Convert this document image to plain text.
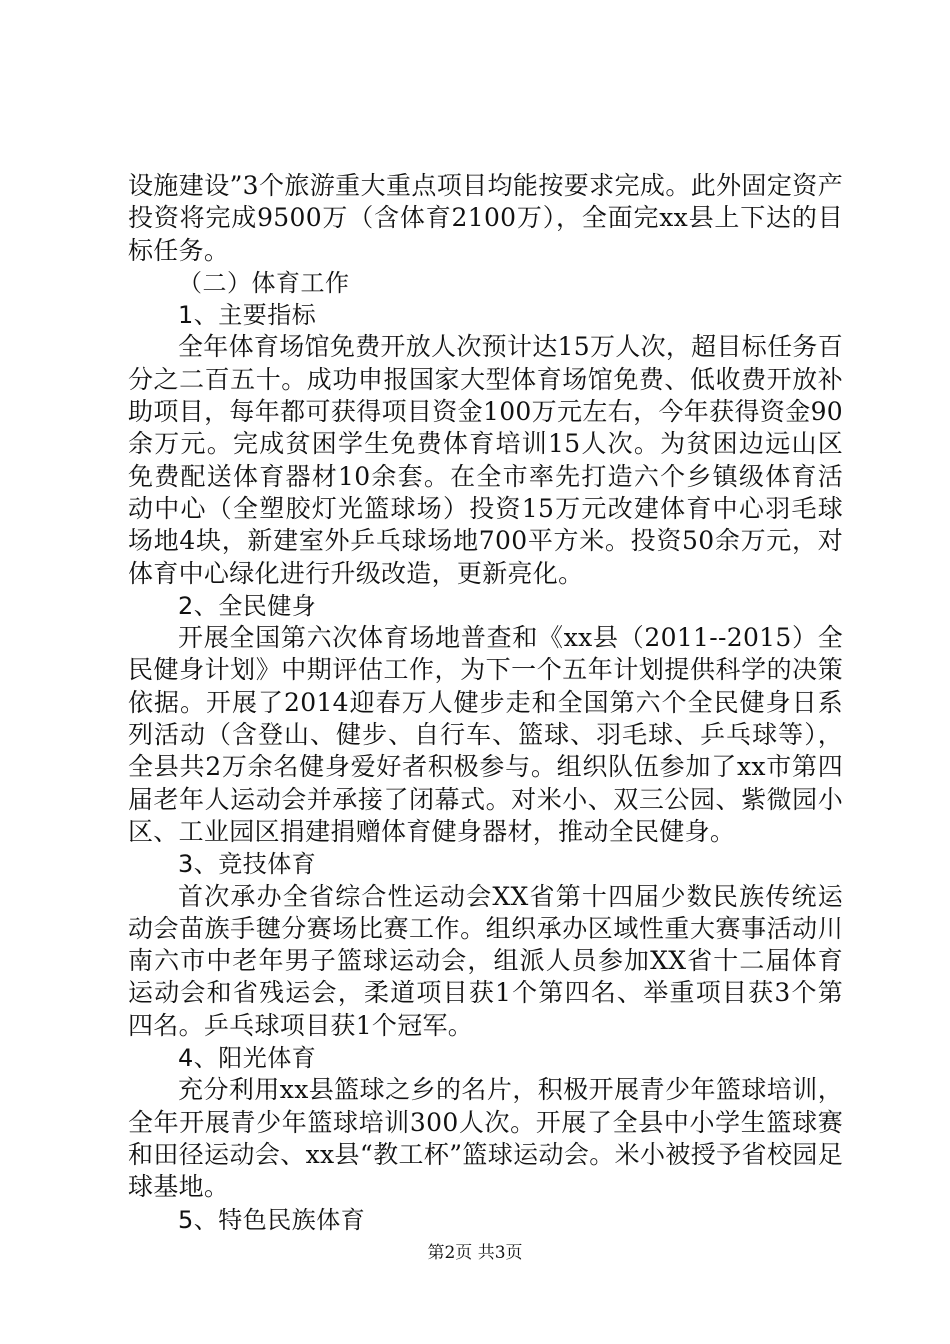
设施建设”3个旅游重大重点项目均能按要求完成。此外固定资产投资将完成9500万（含体育2100万），全面完xx县上下达的目标任务。

（二）体育工作

1、主要指标

全年体育场馆免费开放人次预计达15万人次，超目标任务百分之二百五十。成功申报国家大型体育场馆免费、低收费开放补助项目，每年都可获得项目资金100万元左右，今年获得资金90余万元。完成贫困学生免费体育培训15人次。为贫困边远山区免费配送体育器材10余套。在全市率先打造六个乡镇级体育活动中心（全塑胶灯光篮球场）投资15万元改建体育中心羽毛球场地4块，新建室外乒乓球场地700平方米。投资50余万元，对体育中心绿化进行升级改造，更新亮化。

2、全民健身

开展全国第六次体育场地普查和《xx县（2011--2015）全民健身计划》中期评估工作，为下一个五年计划提供科学的决策依据。开展了2014迎春万人健步走和全国第六个全民健身日系列活动（含登山、健步、自行车、篮球、羽毛球、乒乓球等），全县共2万余名健身爱好者积极参与。组织队伍参加了xx市第四届老年人运动会并承接了闭幕式。对米小、双三公园、紫微园小区、工业园区捐建捐赠体育健身器材，推动全民健身。

3、竞技体育

首次承办全省综合性运动会XX省第十四届少数民族传统运动会苗族手毽分赛场比赛工作。组织承办区域性重大赛事活动川南六市中老年男子篮球运动会，组派人员参加XX省十二届体育运动会和省残运会，柔道项目获1个第四名、举重项目获3个第四名。乒乓球项目获1个冠军。

4、阳光体育

充分利用xx县篮球之乡的名片，积极开展青少年篮球培训，全年开展青少年篮球培训300人次。开展了全县中小学生篮球赛和田径运动会、xx县“教工杯”篮球运动会。米小被授予省校园足球基地。

5、特色民族体育

第2页 共3页
